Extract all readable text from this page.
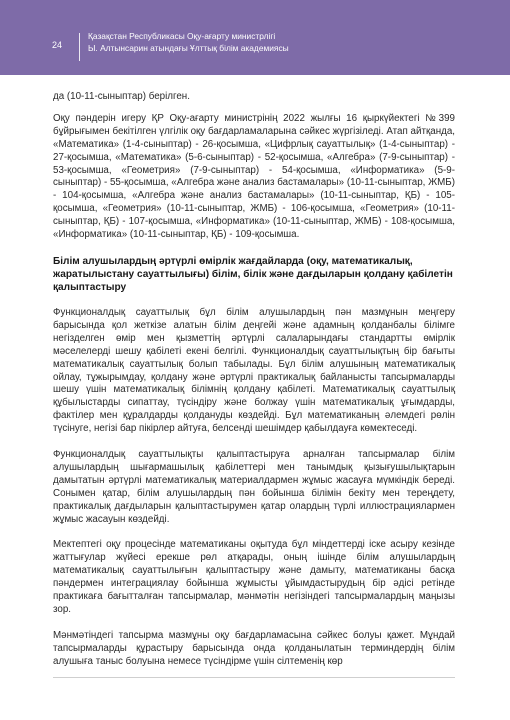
24
Қазақстан Республикасы Оқу-ағарту министрлігі
Ы. Алтынсарин атындағы Ұлттық білім академиясы

да (10-11-сыныптар) берілген.

Оқу пәндерін игеру ҚР Оқу-ағарту министрінің 2022 жылғы 16 қыркүйектегі №399 бұйрығымен бекітілген үлгілік оқу бағдарламаларына сәйкес жүргізіледі. Атап айтқанда, «Математика» (1-4-сыныптар) - 26-қосымша, «Цифрлық сауаттылық» (1-4-сыныптар) - 27-қосымша, «Математика» (5-6-сыныптар) - 52-қосымша, «Алгебра» (7-9-сыныптар) - 53-қосымша, «Геометрия» (7-9-сыныптар) - 54-қосымша, «Информатика» (5-9-сыныптар) - 55-қосымша, «Алгебра және анализ бастамалары» (10-11-сыныптар, ЖМБ) - 104-қосымша, «Алгебра және анализ бастамалары» (10-11-сыныптар, ҚБ) - 105-қосымша, «Геометрия» (10-11-сыныптар, ЖМБ) - 106-қосымша, «Геометрия» (10-11-сыныптар, ҚБ) - 107-қосымша, «Информатика» (10-11-сыныптар, ЖМБ) - 108-қосымша, «Информатика» (10-11-сыныптар, ҚБ) - 109-қосымша.

Білім алушылардың әртүрлі өмірлік жағдайларда (оқу, математикалық, жаратылыстану сауаттылығы) білім, білік және дағдыларын қолдану қабілетін қалыптастыру

Функционалдық сауаттылық бұл білім алушылардың пән мазмұнын меңгеру барысында қол жеткізе алатын білім деңгейі және адамның қолданбалы білімге негізделген өмір мен қызметтің әртүрлі салаларындағы стандартты өмірлік мәселелерді шешу қабілеті екені белгілі. Функционалдық сауаттылықтың бір бағыты математикалық сауаттылық болып табылады. Бұл білім алушының математикалық ойлау, тұжырымдау, қолдану және әртүрлі практикалық байланысты тапсырмаларды шешу үшін математикалық білімнің қолдану қабілеті. Математикалық сауаттылық құбылыстарды сипаттау, түсіндіру және болжау үшін математикалық ұғымдарды, фактілер мен құралдарды қолдануды көздейді. Бұл математиканың әлемдегі рөлін түсінуге, негізі бар пікірлер айтуға, белсенді шешімдер қабылдауға көмектеседі.

Функционалдық сауаттылықты қалыптастыруға арналған тапсырмалар білім алушылардың шығармашылық қабілеттері мен танымдық қызығушылықтарын дамытатын әртүрлі математикалық материалдармен жұмыс жасауға мүмкіндік береді. Сонымен қатар, білім алушылардың пән бойынша білімін бекіту мен тереңдету, практикалық дағдыларын қалыптастырумен қатар олардың түрлі иллюстрациялармен жұмыс жасауын көздейді.

Мектептегі оқу процесінде математиканы оқытуда бұл міндеттерді іске асыру кезінде жаттығулар жүйесі ерекше рөл атқарады, оның ішінде білім алушылардың математикалық сауаттылығын қалыптастыру және дамыту, математиканы басқа пәндермен интеграциялау бойынша жұмысты ұйымдастырудың бір әдісі ретінде практикаға бағытталған тапсырмалар, мәнмәтін негізіндегі тапсырмалардың маңызы зор.

Мәнмәтіндегі тапсырма мазмұны оқу бағдарламасына сәйкес болуы қажет. Мұндай тапсырмаларды құрастыру барысында онда қолданылатын терминдердің білім алушыға таныс болуына немесе түсіндірме үшін сілтеменің көр
